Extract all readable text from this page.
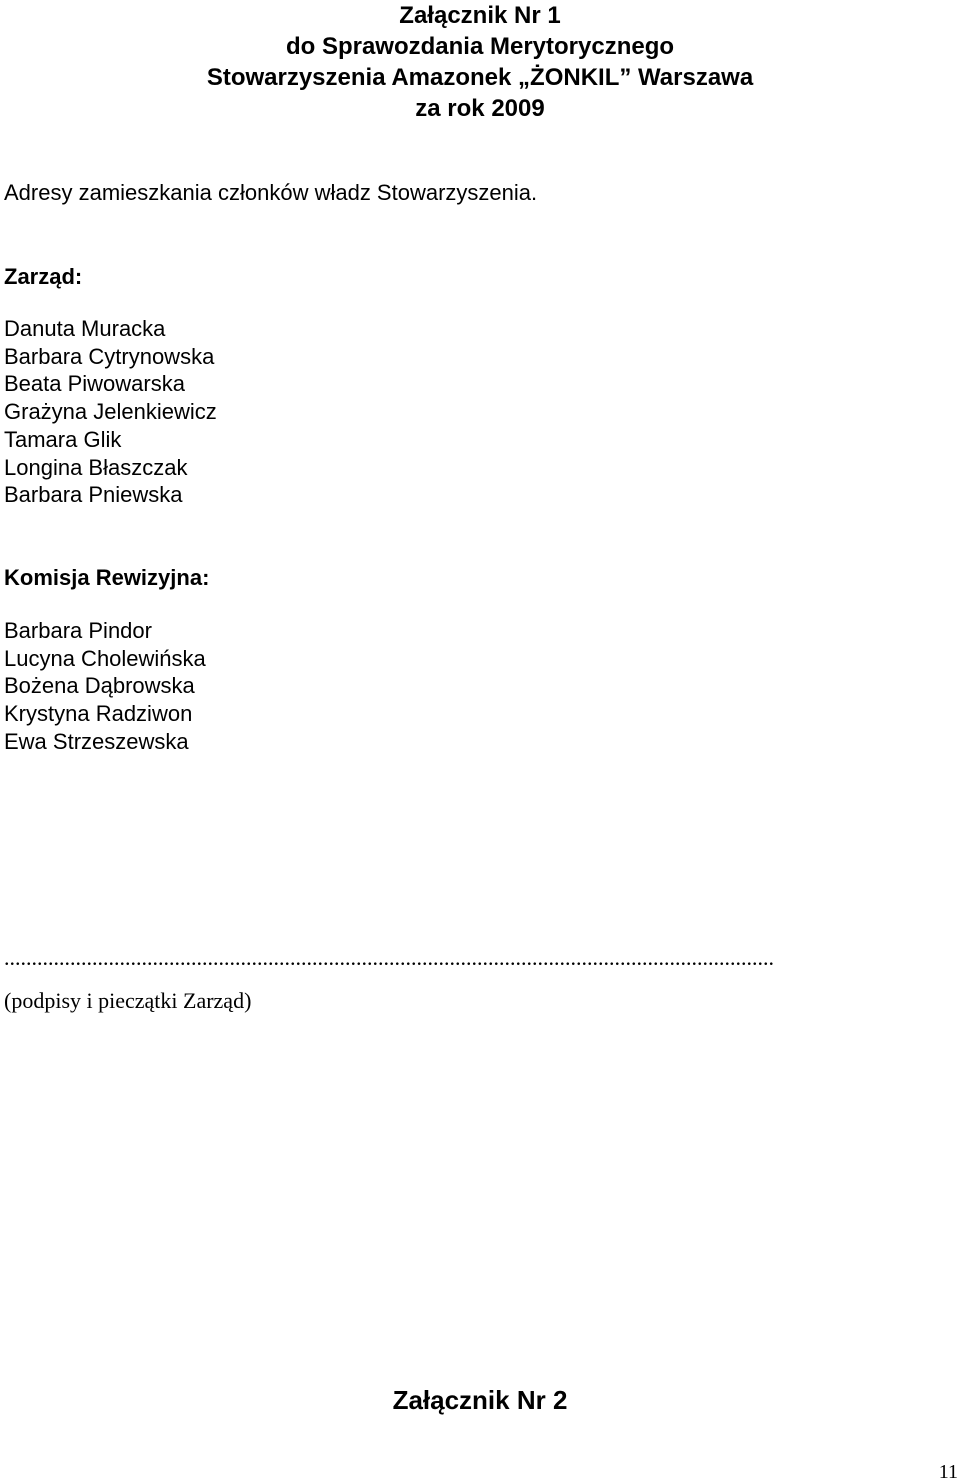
Załącznik Nr 1
do Sprawozdania Merytorycznego
Stowarzyszenia Amazonek „ŻONKIL” Warszawa
za rok 2009
Adresy zamieszkania członków władz Stowarzyszenia.
Zarząd:
Danuta Muracka
Barbara Cytrynowska
Beata Piwowarska
Grażyna Jelenkiewicz
Tamara Glik
Longina Błaszczak
Barbara Pniewska
Komisja Rewizyjna:
Barbara Pindor
Lucyna Cholewińska
Bożena Dąbrowska
Krystyna Radziwon
Ewa Strzeszewska
............................................................................................................................................
(podpisy i pieczątki Zarząd)
Załącznik Nr 2
11
